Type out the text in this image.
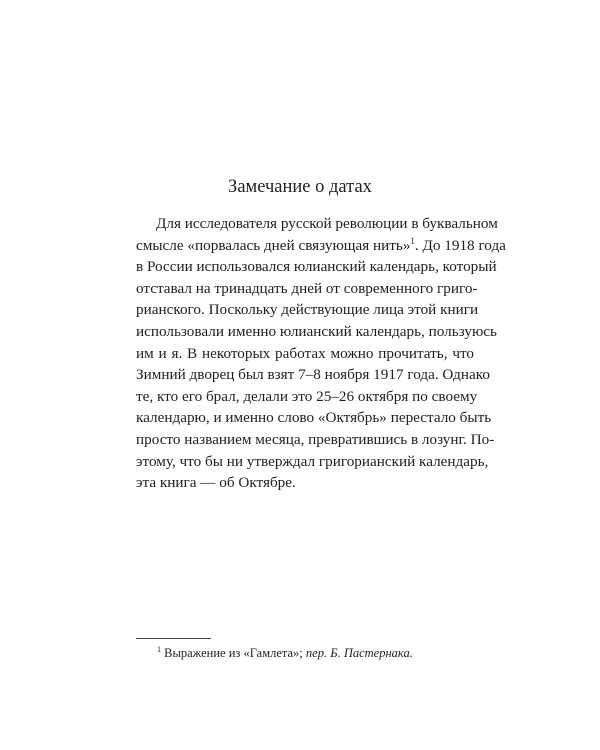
Замечание о датах
Для исследователя русской революции в буквальном
смысле «порвалась дней связующая нить»$^1$. До 1918 года
в России использовался юлианский календарь, который
отставал на тринадцать дней от современного григо-
рианского. Поскольку действующие лица этой книги
использовали именно юлианский календарь, пользуюсь
им и я. В некоторых работах можно прочитать, что
Зимний дворец был взят 7–8 ноября 1917 года. Однако
те, кто его брал, делали это 25–26 октября по своему
календарю, и именно слово «Октябрь» перестало быть
просто названием месяца, превратившись в лозунг. По-
этому, что бы ни утверждал григорианский календарь,
эта книга — об Октябре.
$^1$ Выражение из «Гамлета»; пер. Б. Пастернака.
